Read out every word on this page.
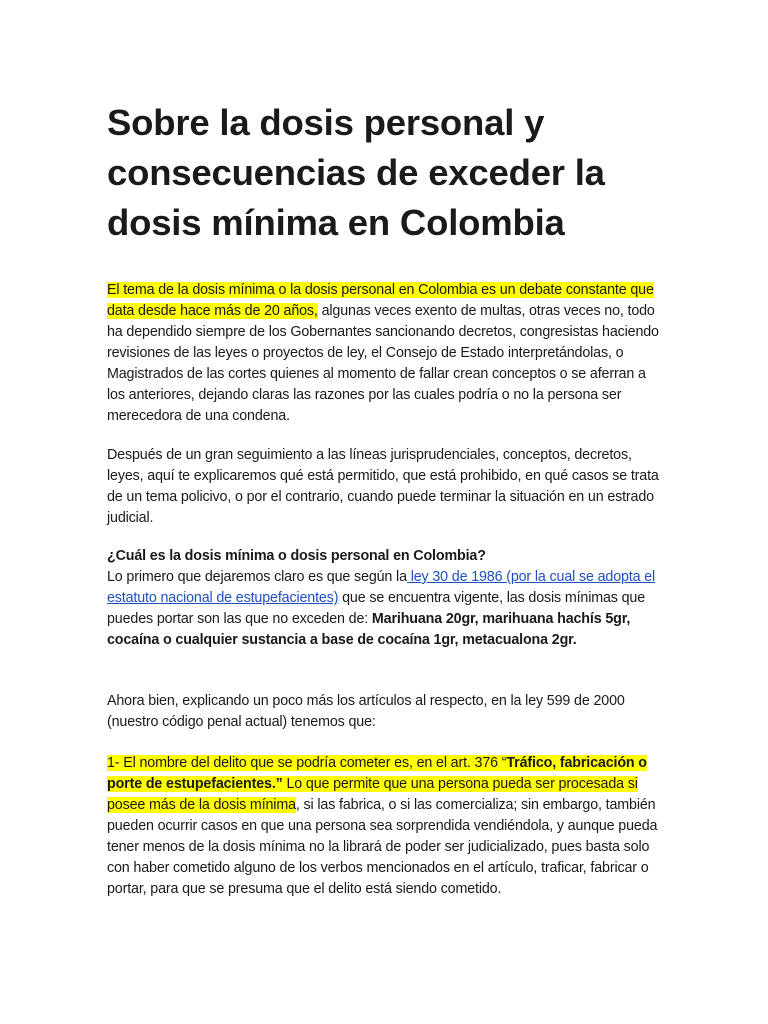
Sobre la dosis personal y consecuencias de exceder la dosis mínima en Colombia

El tema de la dosis mínima o la dosis personal en Colombia es un debate constante que data desde hace más de 20 años, algunas veces exento de multas, otras veces no, todo ha dependido siempre de los Gobernantes sancionando decretos, congresistas haciendo revisiones de las leyes o proyectos de ley, el Consejo de Estado interpretándolas, o Magistrados de las cortes quienes al momento de fallar crean conceptos o se aferran a los anteriores, dejando claras las razones por las cuales podría o no la persona ser merecedora de una condena.

Después de un gran seguimiento a las líneas jurisprudenciales, conceptos, decretos, leyes, aquí te explicaremos qué está permitido, que está prohibido, en qué casos se trata de un tema policivo, o por el contrario, cuando puede terminar la situación en un estrado judicial.

¿Cuál es la dosis mínima o dosis personal en Colombia?
Lo primero que dejaremos claro es que según la ley 30 de 1986 (por la cual se adopta el estatuto nacional de estupefacientes) que se encuentra vigente, las dosis mínimas que puedes portar son las que no exceden de: Marihuana 20gr, marihuana hachís 5gr, cocaína o cualquier sustancia a base de cocaína 1gr, metacualona 2gr.

Ahora bien, explicando un poco más los artículos al respecto, en la ley 599 de 2000 (nuestro código penal actual) tenemos que:

1- El nombre del delito que se podría cometer es, en el art. 376 “Tráfico, fabricación o porte de estupefacientes.” Lo que permite que una persona pueda ser procesada si posee más de la dosis mínima, si las fabrica, o si las comercializa; sin embargo, también pueden ocurrir casos en que una persona sea sorprendida vendiéndola, y aunque pueda tener menos de la dosis mínima no la librará de poder ser judicializado, pues basta solo con haber cometido alguno de los verbos mencionados en el artículo, traficar, fabricar o portar, para que se presuma que el delito está siendo cometido.
